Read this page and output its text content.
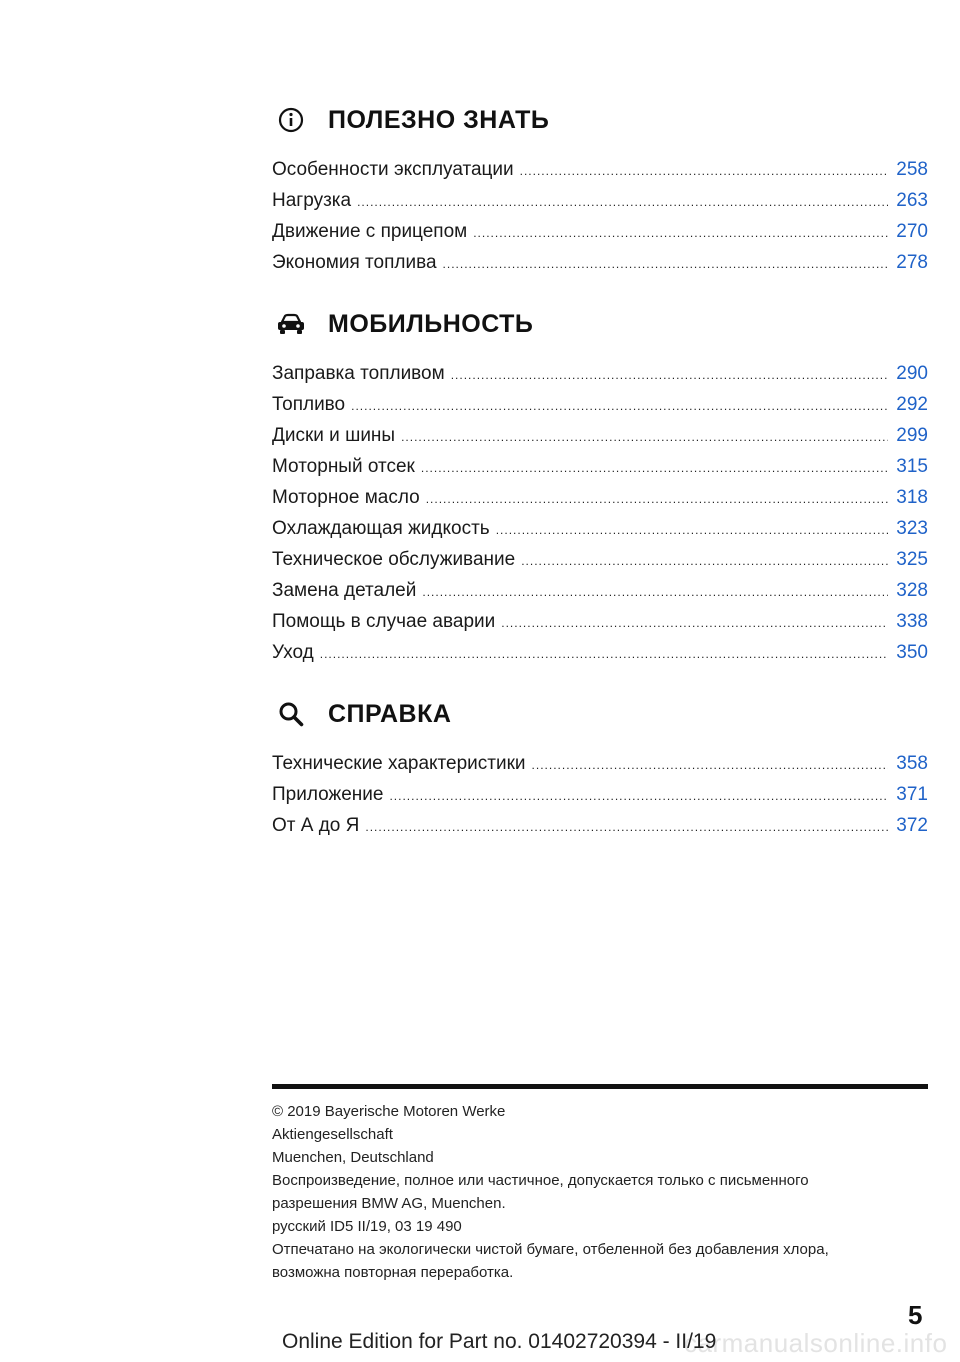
ПОЛЕЗНО ЗНАТЬ
Особенности эксплуатации .....	258
Нагрузка .....	263
Движение с прицепом .....	270
Экономия топлива .....	278
МОБИЛЬНОСТЬ
Заправка топливом .....	290
Топливо .....	292
Диски и шины .....	299
Моторный отсек .....	315
Моторное масло .....	318
Охлаждающая жидкость .....	323
Техническое обслуживание .....	325
Замена деталей .....	328
Помощь в случае аварии .....	338
Уход .....	350
СПРАВКА
Технические характеристики .....	358
Приложение .....	371
От А до Я .....	372
© 2019 Bayerische Motoren Werke
Aktiengesellschaft
Muenchen, Deutschland
Воспроизведение, полное или частичное, допускается только с письменного
разрешения BMW AG, Muenchen.
русский ID5 II/19, 03 19 490
Отпечатано на экологически чистой бумаге, отбеленной без добавления хлора,
возможна повторная переработка.
5
carmanualsonline.info
Online Edition for Part no. 01402720394 - II/19
